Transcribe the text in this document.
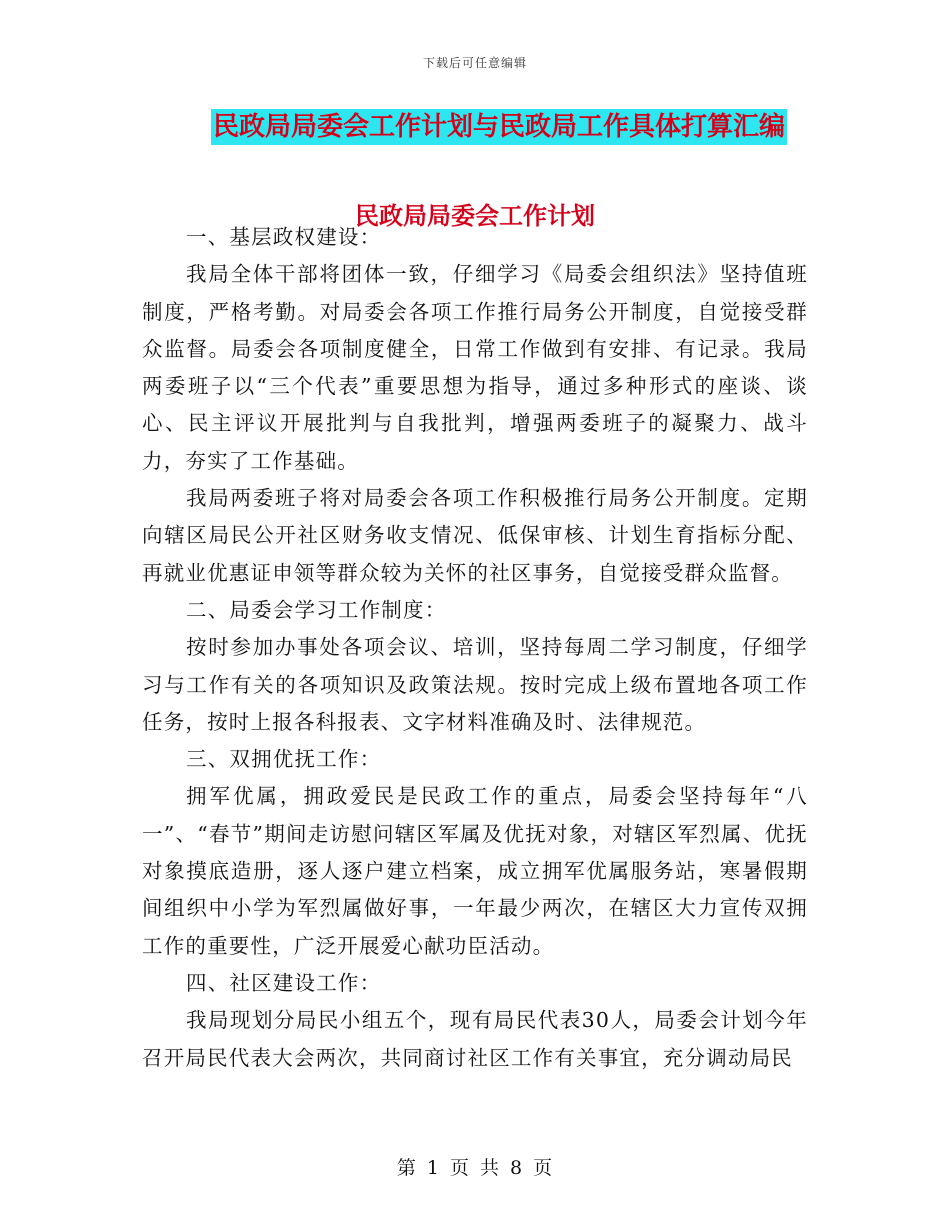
下载后可任意编辑
民政局局委会工作计划与民政局工作具体打算汇编
民政局局委会工作计划

一、基层政权建设：

我局全体干部将团体一致，仔细学习《局委会组织法》坚持值班制度，严格考勤。对局委会各项工作推行局务公开制度，自觉接受群众监督。局委会各项制度健全，日常工作做到有安排、有记录。我局两委班子以“三个代表”重要思想为指导，通过多种形式的座谈、谈心、民主评议开展批判与自我批判，增强两委班子的凝聚力、战斗力，夯实了工作基础。

我局两委班子将对局委会各项工作积极推行局务公开制度。定期向辖区局民公开社区财务收支情况、低保审核、计划生育指标分配、再就业优惠证申领等群众较为关怀的社区事务，自觉接受群众监督。

二、局委会学习工作制度：

按时参加办事处各项会议、培训，坚持每周二学习制度，仔细学习与工作有关的各项知识及政策法规。按时完成上级布置地各项工作任务，按时上报各科报表、文字材料准确及时、法律规范。

三、双拥优抚工作：

拥军优属，拥政爱民是民政工作的重点，局委会坚持每年“八一”、“春节”期间走访慰问辖区军属及优抚对象，对辖区军烈属、优抚对象摸底造册，逐人逐户建立档案，成立拥军优属服务站，寒暑假期间组织中小学为军烈属做好事，一年最少两次，在辖区大力宣传双拥工作的重要性，广泛开展爱心献功臣活动。

四、社区建设工作：

我局现划分局民小组五个，现有局民代表30人，局委会计划今年召开局民代表大会两次，共同商讨社区工作有关事宜，充分调动局民

第 1 页 共 8 页
